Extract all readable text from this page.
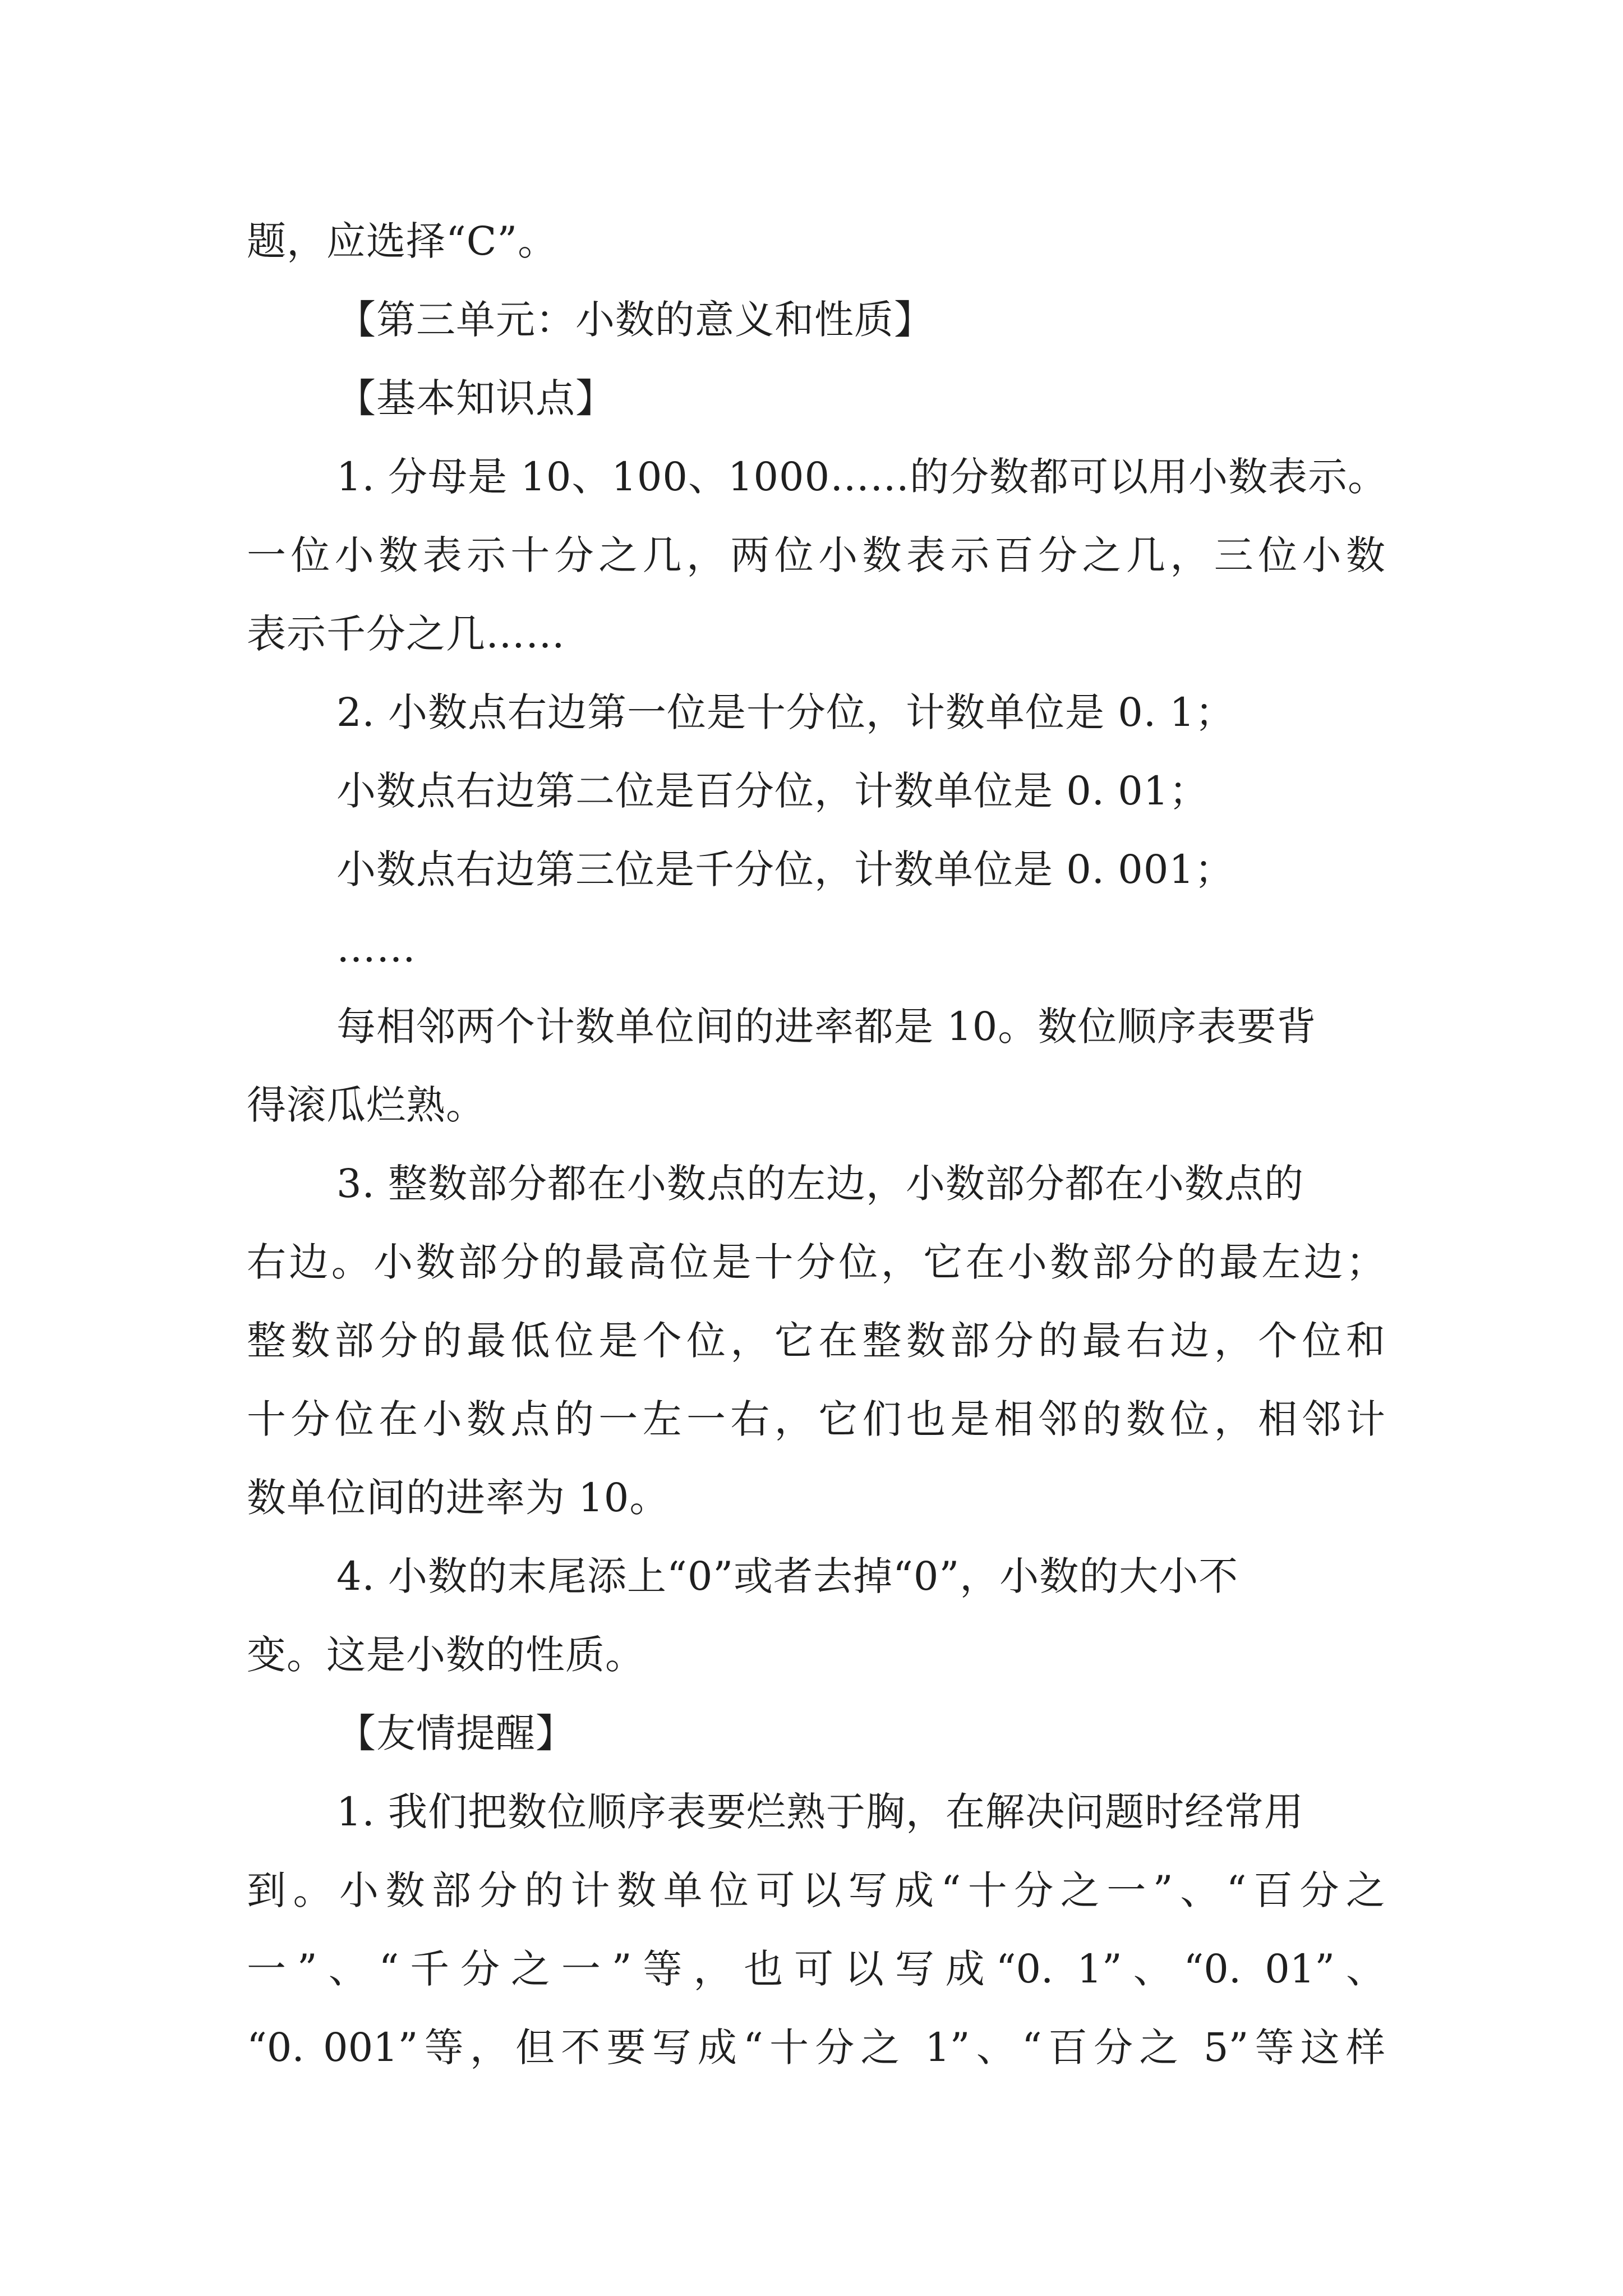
题，应选择“C”。
【第三单元：小数的意义和性质】
【基本知识点】
1. 分母是 10、100、1000……的分数都可以用小数表示。
一位小数表示十分之几，两位小数表示百分之几，三位小数
表示千分之几……
2. 小数点右边第一位是十分位，计数单位是 0. 1；
小数点右边第二位是百分位，计数单位是 0. 01；
小数点右边第三位是千分位，计数单位是 0. 001；
……
每相邻两个计数单位间的进率都是 10。数位顺序表要背
得滚瓜烂熟。
3. 整数部分都在小数点的左边，小数部分都在小数点的
右边。小数部分的最高位是十分位，它在小数部分的最左边；
整数部分的最低位是个位，它在整数部分的最右边，个位和
十分位在小数点的一左一右，它们也是相邻的数位，相邻计
数单位间的进率为 10。
4. 小数的末尾添上“0”或者去掉“0”，小数的大小不
变。这是小数的性质。
【友情提醒】
1. 我们把数位顺序表要烂熟于胸，在解决问题时经常用
到。小数部分的计数单位可以写成“十分之一”、“百分之
一”、“千分之一”等，也可以写成“0. 1”、“0. 01”、
“0. 001”等，但不要写成“十分之 1”、“百分之 5”等这样
